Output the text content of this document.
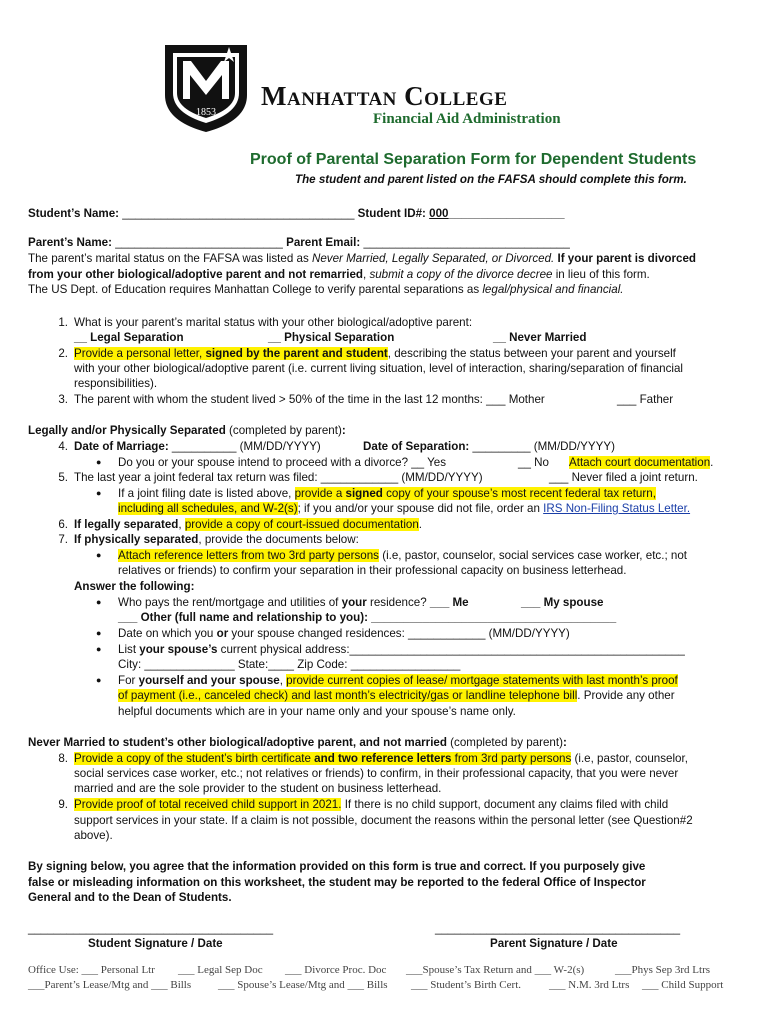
1853
Manhattan College
Financial Aid Administration
Proof of Parental Separation Form for Dependent Students
The student and parent listed on the FAFSA should complete this form.
Student’s Name: ____________________________________ Student ID#: 000__________________
Parent’s Name: __________________________ Parent Email: ________________________________
The parent’s marital status on the FAFSA was listed as Never Married, Legally Separated, or Divorced. If your parent is divorced
from your other biological/adoptive parent and not remarried, submit a copy of the divorce decree in lieu of this form.
The US Dept. of Education requires Manhattan College to verify parental separations as legal/physical and financial.
1. What is your parent’s marital status with your other biological/adoptive parent:
__ Legal Separation	__ Physical Separation	__ Never Married
2. Provide a personal letter, signed by the parent and student, describing the status between your parent and yourself
with your other biological/adoptive parent (i.e. current living situation, level of interaction, sharing/separation of financial
responsibilities).
3. The parent with whom the student lived > 50% of the time in the last 12 months: ___ Mother	___ Father
Legally and/or Physically Separated (completed by parent):
4. Date of Marriage: __________ (MM/DD/YYYY)	Date of Separation: _________ (MM/DD/YYYY)
● Do you or your spouse intend to proceed with a divorce? __ Yes	__ No Attach court documentation.
5. The last year a joint federal tax return was filed: ____________ (MM/DD/YYYY)	___ Never filed a joint return.
● If a joint filing date is listed above, provide a signed copy of your spouse’s most recent federal tax return,
including all schedules, and W-2(s); if you and/or your spouse did not file, order an IRS Non-Filing Status Letter.
6. If legally separated, provide a copy of court-issued documentation.
7. If physically separated, provide the documents below:
● Attach reference letters from two 3rd party persons (i.e, pastor, counselor, social services case worker, etc.; not
relatives or friends) to confirm your separation in their professional capacity on business letterhead.
Answer the following:
● Who pays the rent/mortgage and utilities of your residence? ___ Me	___ My spouse
___ Other (full name and relationship to you): ______________________________________
● Date on which you or your spouse changed residences: ____________ (MM/DD/YYYY)
● List your spouse’s current physical address:____________________________________________________
City: ______________ State:____ Zip Code: _________________
● For yourself and your spouse, provide current copies of lease/ mortgage statements with last month’s proof
of payment (i.e., canceled check) and last month’s electricity/gas or landline telephone bill. Provide any other
helpful documents which are in your name only and your spouse’s name only.
Never Married to student’s other biological/adoptive parent, and not married (completed by parent):
8. Provide a copy of the student’s birth certificate and two reference letters from 3rd party persons (i.e, pastor, counselor,
social services case worker, etc.; not relatives or friends) to confirm, in their professional capacity, that you were never
married and are the sole provider to the student on business letterhead.
9. Provide proof of total received child support in 2021. If there is no child support, document any claims filed with child
support services in your state. If a claim is not possible, document the reasons within the personal letter (see Question#2
above).
By signing below, you agree that the information provided on this form is true and correct. If you purposely give
false or misleading information on this worksheet, the student may be reported to the federal Office of Inspector
General and to the Dean of Students.
______________________________________	______________________________________
Student Signature / Date	Parent Signature / Date
Office Use: ___ Personal Ltr ___ Legal Sep Doc ___ Divorce Proc. Doc ___Spouse’s Tax Return and ___ W-2(s)	___Phys Sep 3rd Ltrs
___Parent’s Lease/Mtg and ___ Bills ___ Spouse’s Lease/Mtg and ___ Bills ___ Student’s Birth Cert.	___ N.M. 3rd Ltrs ___ Child Support
